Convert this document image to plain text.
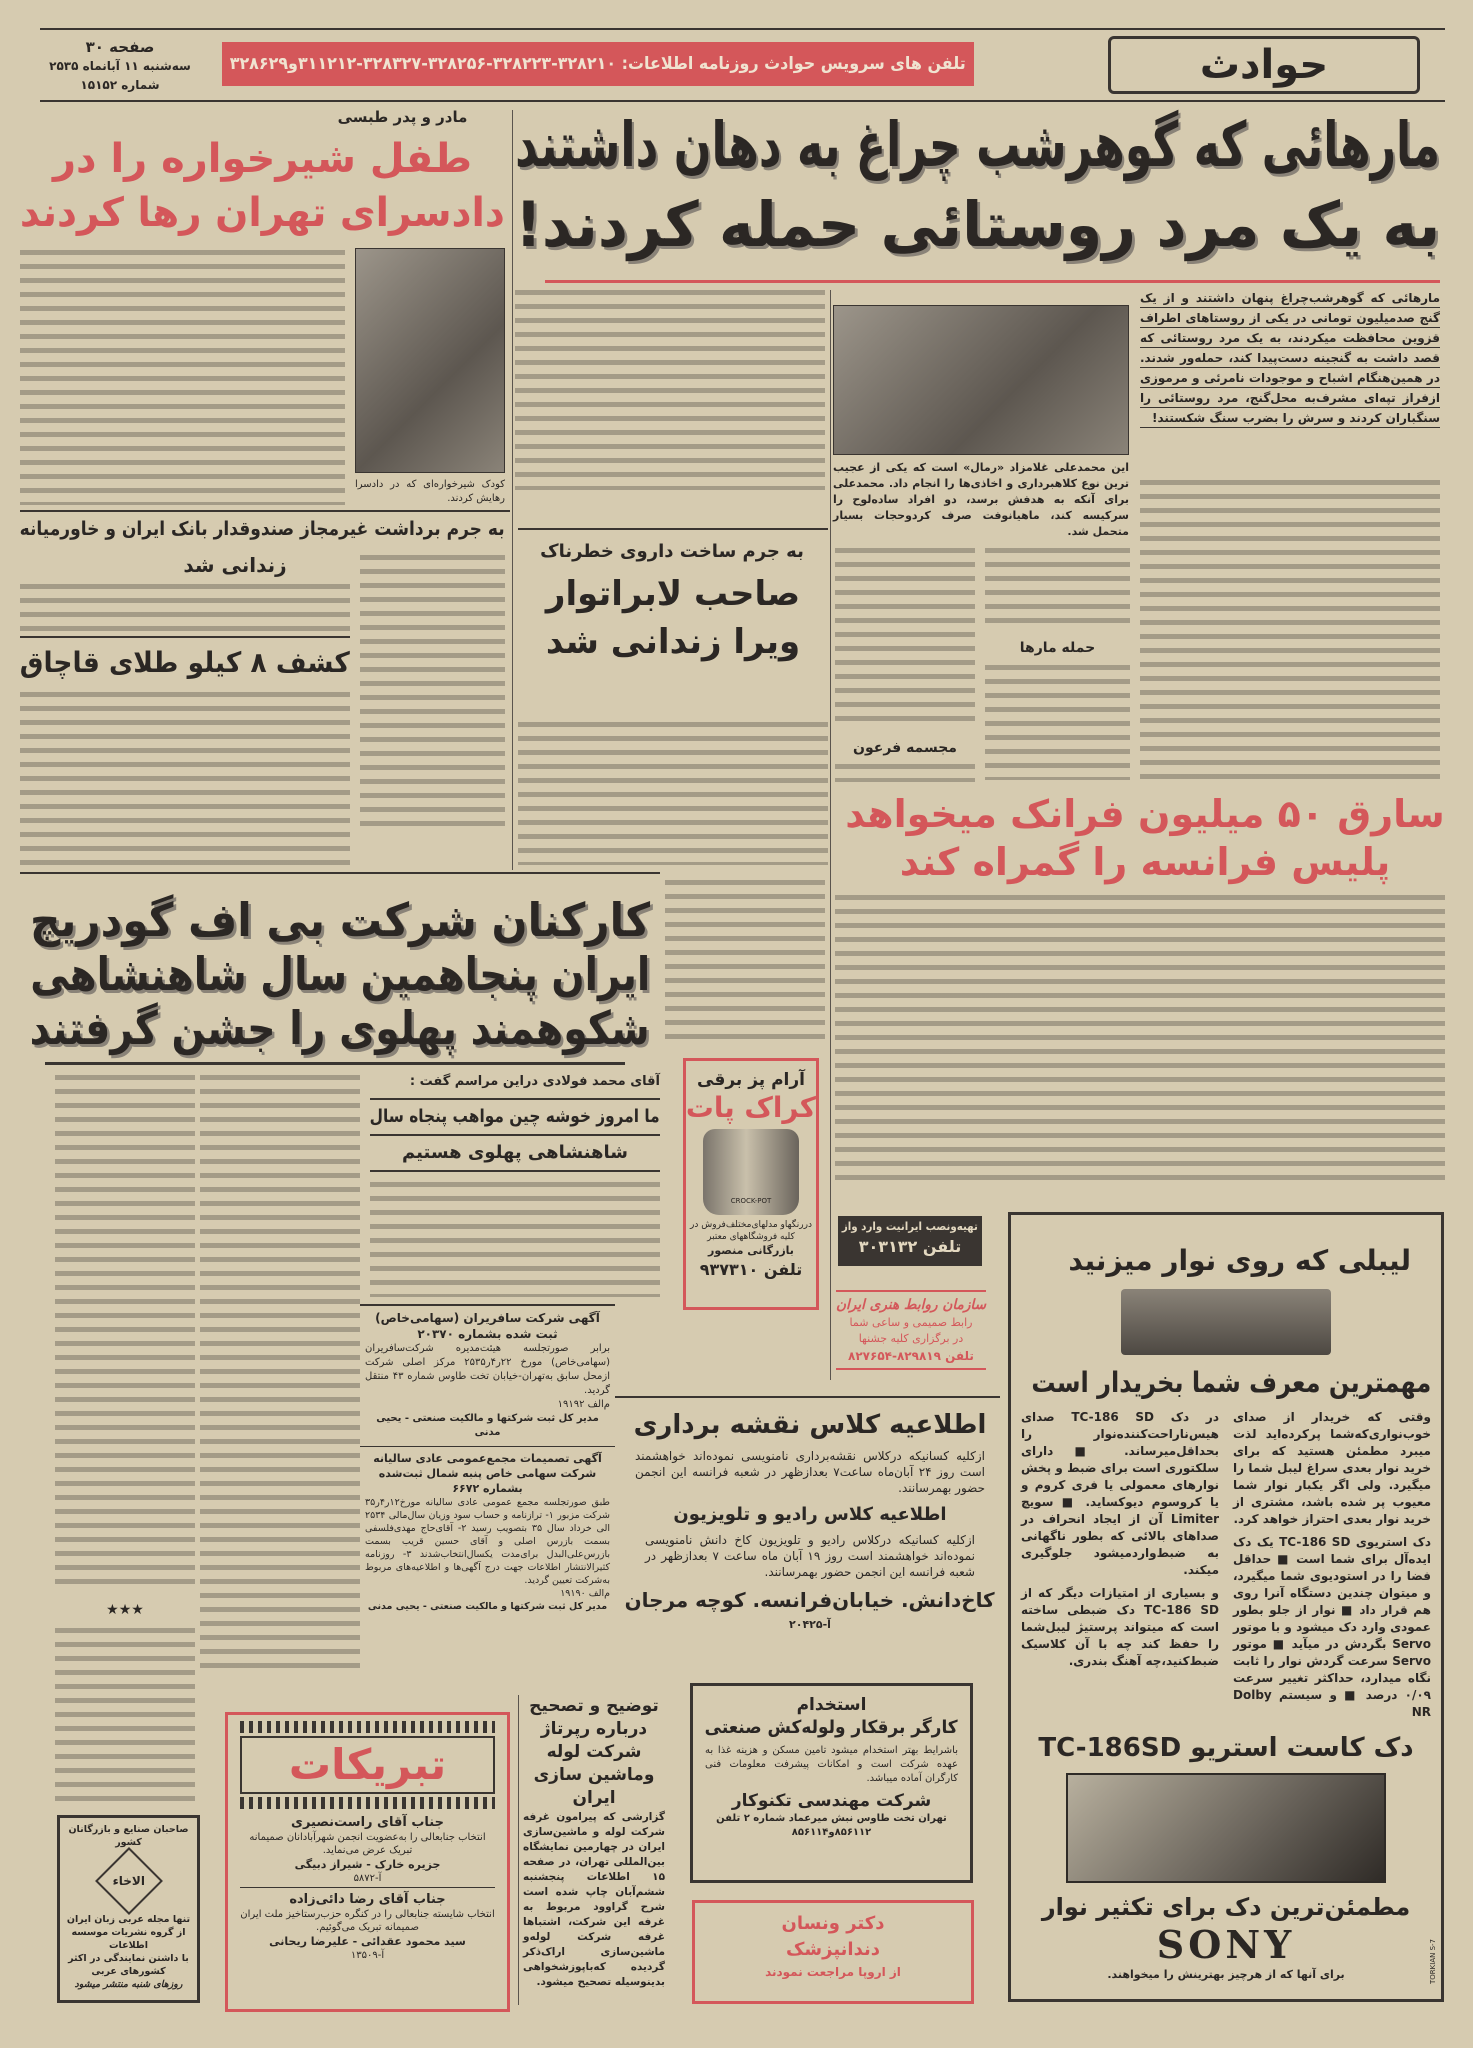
حوادث
تلفن های سرویس حوادث روزنامه اطلاعات: ۳۲۸۲۱۰-۳۲۸۲۲۳-۳۲۸۲۵۶-۳۲۸۳۲۷-۳۱۱۲۱۲و۳۲۸۶۲۹
صفحه ۳۰
سه‌شنبه ۱۱ آبانماه ۲۵۳۵
شماره ۱۵۱۵۲
مارهائی که گوهرشب چراغ به دهان داشتند
به یک مرد روستائی حمله کردند!
مارهائی که گوهرشب‌چراغ پنهان داشتند و از یک گنج صدمیلیون تومانی در یکی از روستاهای اطراف قزوین محافظت میکردند، به یک مرد روستائی که قصد داشت به گنجینه دست‌پیدا کند، حمله‌ور شدند. در همین‌هنگام اشباح و موجودات نامرئی و مرموزی ازفراز تپه‌ای مشرف‌به محل‌گنج، مرد روستائی را سنگباران کردند و سرش را بضرب سنگ شکستند!
این محمدعلی غلامزاد «رمال» است که یکی از عجیب ترین نوع کلاهبرداری و اخاذی‌ها را انجام داد. محمدعلی برای آنکه به هدفش برسد، دو افراد ساده‌لوح را سرکیسه کند، ماهیانوفت صرف کردوحجات بسیار متحمل شد.
حمله مارها
مجسمه فرعون
مادر و پدر طبسی
طفل شیرخواره را در
دادسرای تهران رها کردند
کودک شیرخواره‌ای که در دادسرا رهایش کردند.
به جرم برداشت غیرمجاز صندوقدار بانک ایران و خاورمیانه
زندانی شد
کشف ۸ کیلو طلای قاچاق
به جرم ساخت داروی خطرناک
صاحب لابراتوار ویرا زندانی شد
سارق ۵۰ میلیون فرانک میخواهد
پلیس فرانسه را گمراه کند
کارکنان شرکت بی اف گودریچ
ایران پنجاهمین سال شاهنشاهی
شکوهمند پهلوی را جشن گرفتند
آقای محمد فولادی دراین مراسم گفت :
ما امروز خوشه چین مواهب پنجاه سال
شاهنشاهی پهلوی هستیم
★★★
آرام پز برقی
کراک پات
CROCK-POT
دررنگهاو مدلهای‌مختلف‌فروش در کلیه فروشگاههای معتبر
بازرگانی منصور
تلفن ۹۳۷۳۱۰
تهیه‌ونصب ایرانیت وارد واز
تلفن ۳۰۳۱۳۲
سازمان روابط هنری ایران
رابط صمیمی و ساعی شما
در برگزاری کلیه جشنها
تلفن ۸۲۹۸۱۹-۸۲۷۶۵۴
اطلاعیه کلاس نقشه برداری
ازکلیه کسانیکه درکلاس نقشه‌برداری نامنویسی نموده‌اند خواهشمند است روز ۲۴ آبان‌ماه ساعت۷ بعدازظهر در شعبه فرانسه این انجمن حضور بهمرسانند.
اطلاعیه کلاس رادیو و تلویزیون
ازکلیه کسانیکه درکلاس رادیو و تلویزیون کاخ دانش نامنویسی نموده‌اند خواهشمند است روز ۱۹ آبان ماه ساعت ۷ بعدازظهر در شعبه فرانسه این انجمن حضور بهمرسانند.
کاخ‌دانش. خیابان‌فرانسه. کوچه مرجان
آ-۲۰۴۲۵
آگهی شرکت سافریران (سهامی‌خاص) ثبت شده بشماره ۲۰۳۷۰
برابر صورتجلسه هیئت‌مدیره شرکت‌سافریران (سهامی‌خاص) مورخ ۲۲ر۴ر۲۵۳۵ مرکز اصلی شرکت ازمحل سابق به‌تهران-خیابان تخت طاوس شماره ۴۳ منتقل گردید.
م‌الف ۱۹۱۹۲
مدیر کل ثبت شرکتها و مالکیت صنعتی - یحیی مدنی
آگهی تصمیمات مجمع‌عمومی عادی سالیانه شرکت سهامی خاص پنبه شمال ثبت‌شده بشماره ۶۶۷۲
طبق صورتجلسه مجمع عمومی عادی سالیانه مورخ۱۲ر۴ر۳۵ شرکت مزبور ۱- ترازنامه و حساب سود وزیان سال‌مالی ۲۵۳۴ الی خرداد سال ۳۵ بتصویب رسید ۲- آقای‌حاج مهدی‌فلسفی بسمت بازرس اصلی و آقای حسین قریب بسمت بازرس‌علی‌البدل برای‌مدت یکسال‌انتخاب‌شدند ۳- روزنامه کثیرالانتشار اطلاعات جهت درج آگهی‌ها و اطلاعیه‌های مربوط به‌شرکت تعیین گردید.
م‌الف ۱۹۱۹۰
مدیر کل ثبت شرکتها و مالکیت صنعتی - یحیی مدنی
تبریکات
جناب آقای راست‌نصیری
انتخاب جنابعالی را به‌عضویت انجمن شهرآبادانان صمیمانه تبریک عرض می‌نماید.
جزیره خارک - شیراز دبیگی
آ-۵۸۷۲
جناب آقای رضا دائی‌زاده
انتخاب شایسته جنابعالی را در کنگره حزب‌رستاخیز ملت ایران صمیمانه تبریک می‌گوئیم.
سید محمود عقدائی - علیرضا ریحانی
آ-۱۳۵۰۹
توضیح و تصحیح درباره رپرتاژ شرکت لوله وماشین سازی ایران
گزارشی که پیرامون غرفه شرکت لوله و ماشین‌سازی ایران در چهارمین نمایشگاه بین‌المللی تهران، در صفحه ۱۵ اطلاعات پنجشنبه ششم‌آبان چاپ شده است شرح گراوود مربوط به غرفه این شرکت، اشتباها غرفه شرکت لوله‌و ماشین‌سازی اراک‌ذکر گردیده که‌باپوزشخواهی بدینوسیله تصحیح میشود.
استخدام
کارگر برقکار ولوله‌کش صنعتی
باشرایط بهتر استخدام میشود تامین مسکن و هزینه غذا به عهده شرکت است و امکانات پیشرفت معلومات فنی کارگران آماده میباشد.
شرکت مهندسی تکنوکار
تهران تخت طاوس نبش میرعماد شماره ۲ تلفن ۸۵۶۱۱۲و۸۵۶۱۱۴
دکتر ونسان
دندانپزشک
از اروپا مراجعت نمودند
صاحبان صنایع و بازرگانان کشور
الاخاء
تنها مجله عربی زبان ایران
از گروه نشریات موسسه اطلاعات
با داشتن نمایندگی در اکثر کشورهای عربی
روزهای شنبه منتشر میشود
لیبلی که روی نوار میزنید
مهمترین معرف شما بخریدار است
وقتی که خریدار از صدای خوب‌نواری‌که‌شما پرکرده‌اید لذت میبرد مطمئن هستید که برای خرید نوار بعدی سراغ لیبل شما را میگیرد. ولی اگر یکبار نوار شما معیوب پر شده باشد، مشتری از خرید نوار بعدی احتراز خواهد کرد.
دک استریوی TC-186 SD یک دک ایده‌آل برای شما است ■ حداقل فضا را در استودیوی شما میگیرد، و میتوان چندین دستگاه آنرا روی هم قرار داد ■ نوار از جلو بطور عمودی وارد دک میشود و با موتور Servo بگردش در میآید ■ موتور Servo سرعت گردش نوار را ثابت نگاه میدارد، حداکثر تغییر سرعت ۰/۰۹ درصد ■ و سیستم Dolby NR
در دک TC-186 SD صدای هیس‌ناراحت‌کننده‌نوار را بحداقل‌میرساند. ■ دارای سلکتوری است برای ضبط و پخش نوارهای معمولی یا فری کروم و یا کروسوم دیوکساید. ■ سویچ Limiter آن از ایجاد انحراف در صداهای بالائی که بطور ناگهانی به ضبط‌واردمیشود جلوگیری میکند.
و بسیاری از امتیازات دیگر که از TC-186 SD دک ضبطی ساخته است که میتواند پرستیژ لیبل‌شما را حفظ کند چه با آن کلاسیک ضبط‌کنید،چه آهنگ بندری.
دک کاست استریو TC-186SD
مطمئن‌ترین دک برای تکثیر نوار
SONY
برای آنها که از هرچیز بهترینش را میخواهند.	TORKIAN S-7
